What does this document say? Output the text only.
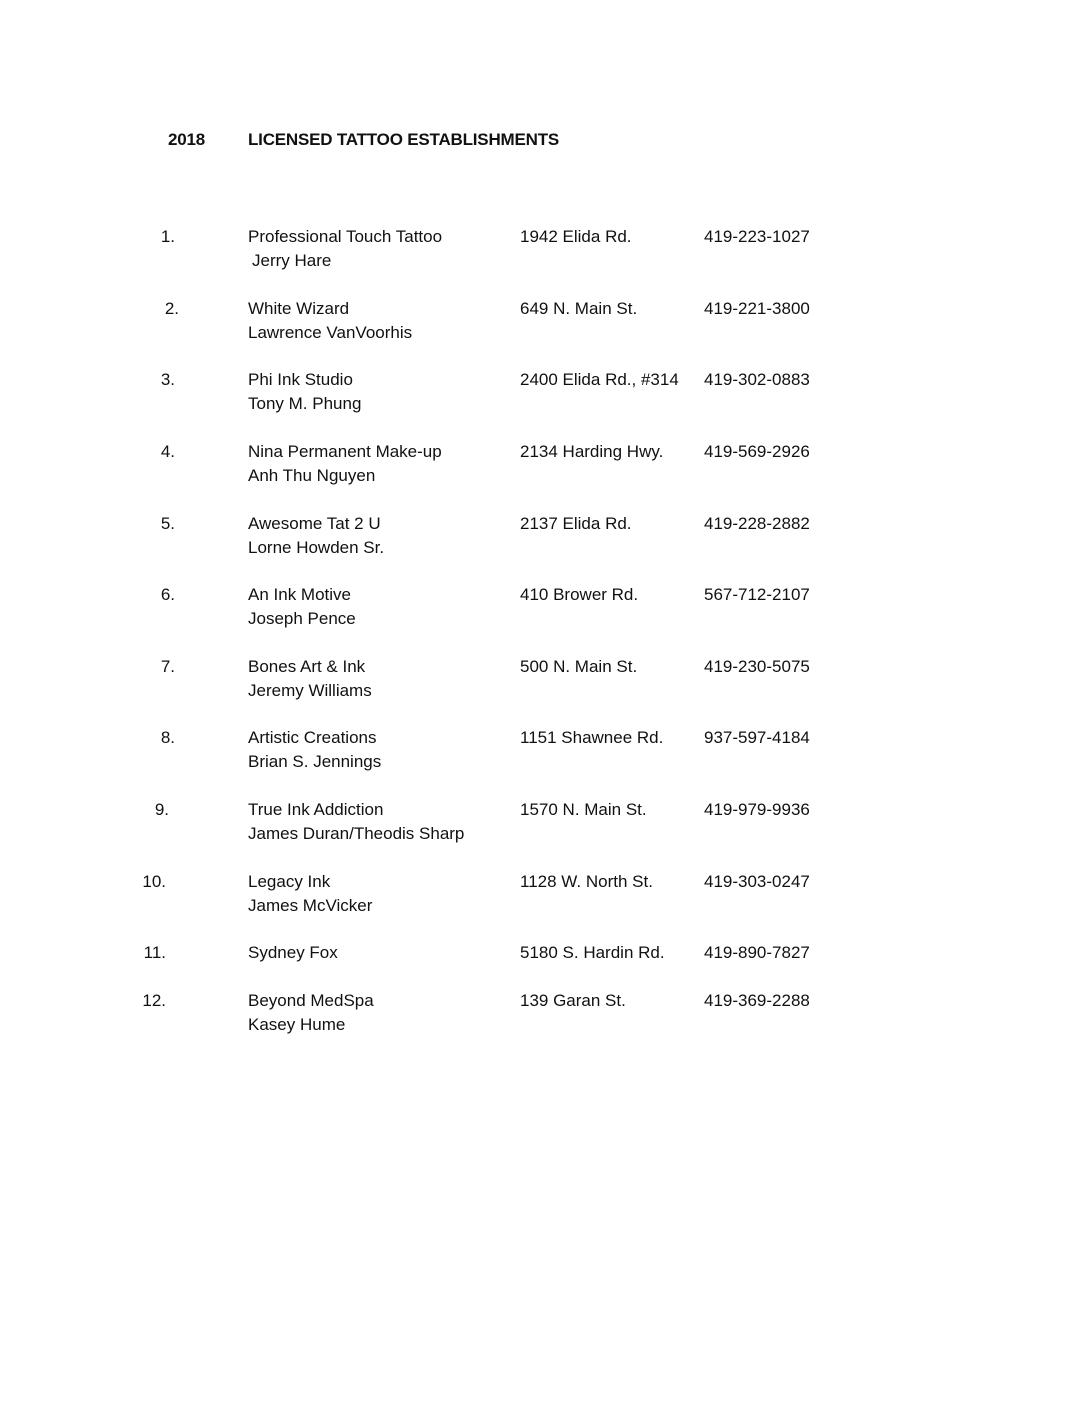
2018	LICENSED TATTOO ESTABLISHMENTS
1.	Professional Touch Tattoo
Jerry Hare
1942 Elida Rd.	419-223-1027
2.	White Wizard
Lawrence VanVoorhis
649 N. Main St.	419-221-3800
3.	Phi Ink Studio
Tony M. Phung
2400 Elida Rd., #314 419-302-0883
4.	Nina Permanent Make-up
Anh Thu Nguyen
2134 Harding Hwy. 419-569-2926
5.	Awesome Tat 2 U
Lorne Howden Sr.
2137 Elida Rd.	419-228-2882
6.	An Ink Motive
Joseph Pence
410 Brower Rd.	567-712-2107
7.	Bones Art & Ink
Jeremy Williams
500 N. Main St.	419-230-5075
8.	Artistic Creations
Brian S. Jennings
1151 Shawnee Rd. 937-597-4184
9.	True Ink Addiction
James Duran/Theodis Sharp
1570 N. Main St.	419-979-9936
10.	Legacy Ink
James McVicker
1128 W. North St.	419-303-0247
11.	Sydney Fox	5180 S. Hardin Rd. 419-890-7827
12.	Beyond MedSpa
Kasey Hume
139 Garan St.	419-369-2288
